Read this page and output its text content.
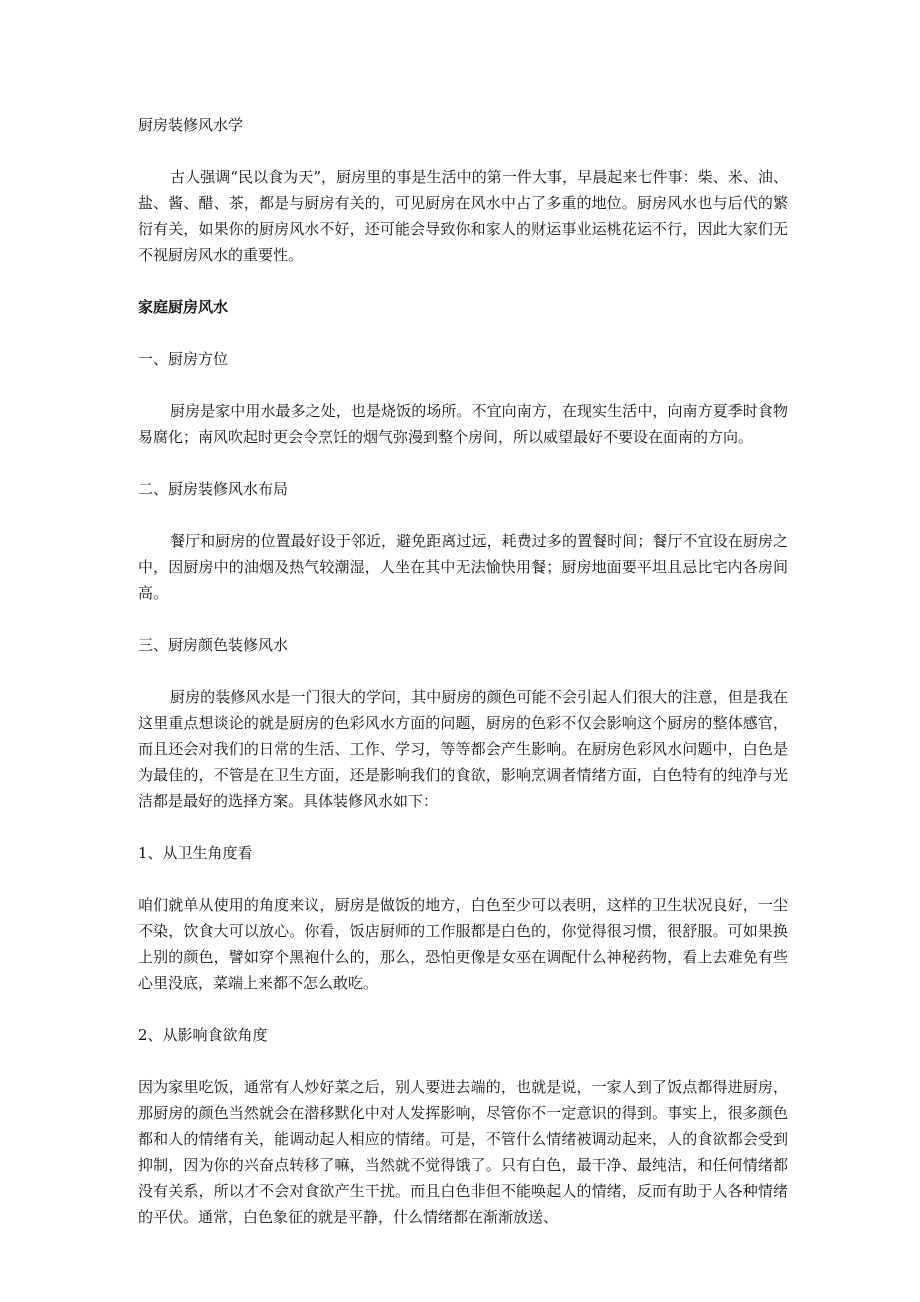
厨房装修风水学

古人强调“民以食为天”，厨房里的事是生活中的第一件大事，早晨起来七件事：柴、米、油、盐、酱、醋、茶，都是与厨房有关的，可见厨房在风水中占了多重的地位。厨房风水也与后代的繁衍有关，如果你的厨房风水不好，还可能会导致你和家人的财运事业运桃花运不行，因此大家们无不视厨房风水的重要性。

家庭厨房风水

一、厨房方位

厨房是家中用水最多之处，也是烧饭的场所。不宜向南方，在现实生活中，向南方夏季时食物易腐化；南风吹起时更会令烹饪的烟气弥漫到整个房间，所以威望最好不要设在面南的方向。

二、厨房装修风水布局

餐厅和厨房的位置最好设于邻近，避免距离过远，耗费过多的置餐时间；餐厅不宜设在厨房之中，因厨房中的油烟及热气较潮湿，人坐在其中无法愉快用餐；厨房地面要平坦且忌比宅内各房间高。

三、厨房颜色装修风水

厨房的装修风水是一门很大的学问，其中厨房的颜色可能不会引起人们很大的注意，但是我在这里重点想谈论的就是厨房的色彩风水方面的问题，厨房的色彩不仅会影响这个厨房的整体感官，而且还会对我们的日常的生活、工作、学习，等等都会产生影响。在厨房色彩风水问题中，白色是为最佳的，不管是在卫生方面，还是影响我们的食欲，影响烹调者情绪方面，白色特有的纯净与光洁都是最好的选择方案。具体装修风水如下：

1、从卫生角度看

咱们就单从使用的角度来议，厨房是做饭的地方，白色至少可以表明，这样的卫生状况良好，一尘不染，饮食大可以放心。你看，饭店厨师的工作服都是白色的，你觉得很习惯，很舒服。可如果换上别的颜色，譬如穿个黑袍什么的，那么，恐怕更像是女巫在调配什么神秘药物，看上去难免有些心里没底，菜端上来都不怎么敢吃。

2、从影响食欲角度

因为家里吃饭，通常有人炒好菜之后，别人要进去端的，也就是说，一家人到了饭点都得进厨房，那厨房的颜色当然就会在潜移默化中对人发挥影响，尽管你不一定意识的得到。事实上，很多颜色都和人的情绪有关，能调动起人相应的情绪。可是，不管什么情绪被调动起来，人的食欲都会受到抑制，因为你的兴奋点转移了嘛，当然就不觉得饿了。只有白色，最干净、最纯洁，和任何情绪都没有关系，所以才不会对食欲产生干扰。而且白色非但不能唤起人的情绪，反而有助于人各种情绪的平伏。通常，白色象征的就是平静，什么情绪都在渐渐放送、
